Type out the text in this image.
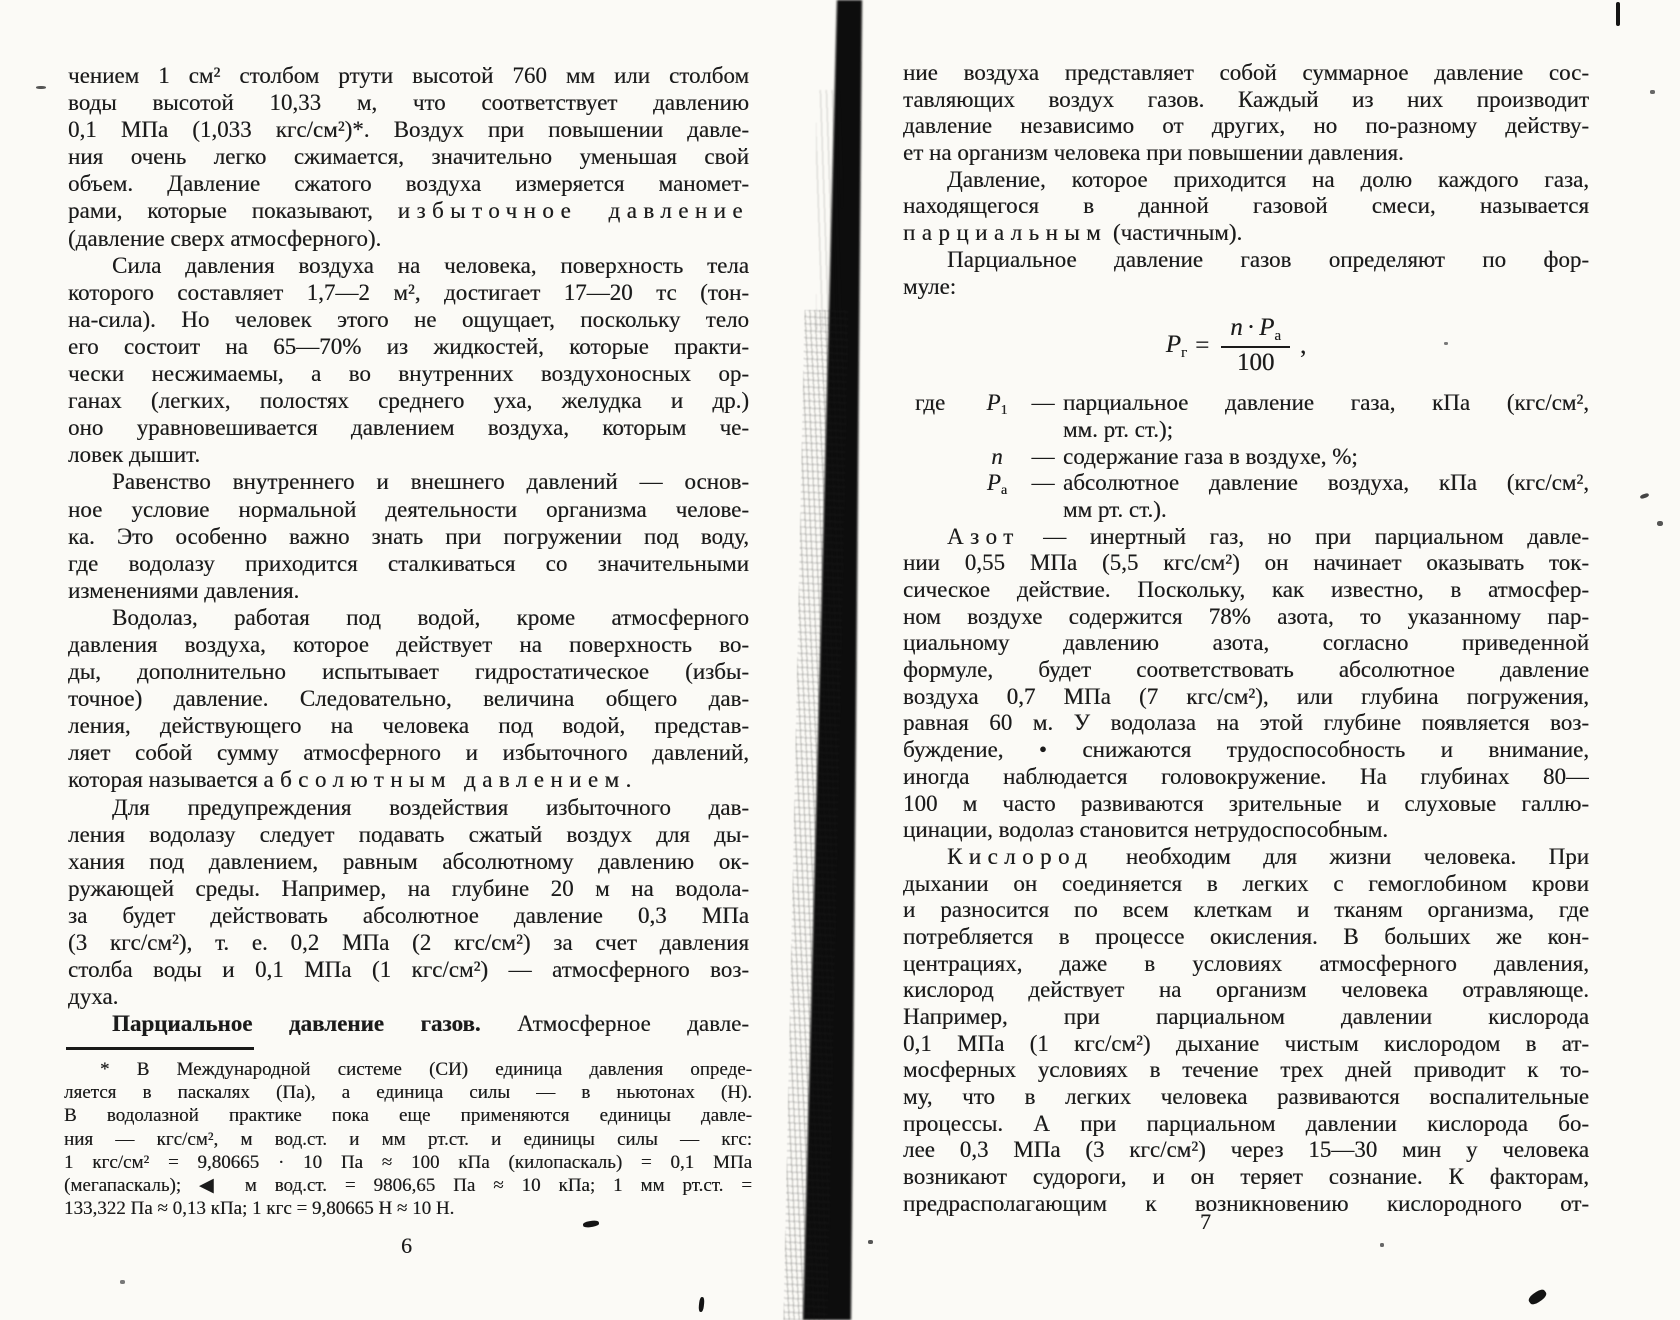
чением 1 см² столбом ртути высотой 760 мм или столбом
воды высотой 10,33 м, что соответствует давлению
0,1 МПа (1,033 кгс/см²)*. Воздух при повышении давле-
ния очень легко сжимается, значительно уменьшая свой
объем. Давление сжатого воздуха измеряется маномет-
рами, которые показывают, избыточное давление
(давление сверх атмосферного).
Сила давления воздуха на человека, поверхность тела
которого составляет 1,7—2 м², достигает 17—20 тс (тон-
на-сила). Но человек этого не ощущает, поскольку тело
его состоит на 65—70% из жидкостей, которые практи-
чески несжимаемы, а во внутренних воздухоносных ор-
ганах (легких, полостях среднего уха, желудка и др.)
оно уравновешивается давлением воздуха, которым че-
ловек дышит.
Равенство внутреннего и внешнего давлений — основ-
ное условие нормальной деятельности организма челове-
ка. Это особенно важно знать при погружении под воду,
где водолазу приходится сталкиваться со значительными
изменениями давления.
Водолаз, работая под водой, кроме атмосферного
давления воздуха, которое действует на поверхность во-
ды, дополнительно испытывает гидростатическое (избы-
точное) давление. Следовательно, величина общего дав-
ления, действующего на человека под водой, представ-
ляет собой сумму атмосферного и избыточного давлений,
которая называется абсолютным давлением.
Для предупреждения воздействия избыточного дав-
ления водолазу следует подавать сжатый воздух для ды-
хания под давлением, равным абсолютному давлению ок-
ружающей среды. Например, на глубине 20 м на водола-
за будет действовать абсолютное давление 0,3 МПа
(3 кгс/см²), т. е. 0,2 МПа (2 кгс/см²) за счет давления
столба воды и 0,1 МПа (1 кгс/см²) — атмосферного воз-
духа.
Парциальное давление газов. Атмосферное давле-
* В Международной системе (СИ) единица давления опреде-
ляется в паскалях (Па), а единица силы — в ньютонах (Н).
В водолазной практике пока еще применяются единицы давле-
ния — кгс/см², м вод.ст. и мм рт.ст. и единицы силы — кгс:
1 кгс/см² = 9,80665 · 10 Па ≈ 100 кПа (килопаскаль) = 0,1 МПа
(мегапаскаль); ◀ м вод.ст. = 9806,65 Па ≈ 10 кПа; 1 мм рт.ст. =
133,322 Па ≈ 0,13 кПа; 1 кгс = 9,80665 Н ≈ 10 Н.
6
ние воздуха представляет собой суммарное давление сос-
тавляющих воздух газов. Каждый из них производит
давление независимо от других, но по-разному действу-
ет на организм человека при повышении давления.
Давление, которое приходится на долю каждого газа,
находящегося в данной газовой смеси, называется
парциальным (частичным).
Парциальное давление газов определяют по фор-
муле:
$P_г = \frac{n \cdot P_а}{100}$ ,
где	$P_1$	— парциальное давление газа, кПа (кгс/см²,
мм. рт. ст.);
n	— содержание газа в воздухе, %;
$P_а$	— абсолютное давление воздуха, кПа (кгс/см²,
мм рт. ст.).
Азот — инертный газ, но при парциальном давле-
нии 0,55 МПа (5,5 кгс/см²) он начинает оказывать ток-
сическое действие. Поскольку, как известно, в атмосфер-
ном воздухе содержится 78% азота, то указанному пар-
циальному давлению азота, согласно приведенной
формуле, будет соответствовать абсолютное давление
воздуха 0,7 МПа (7 кгс/см²), или глубина погружения,
равная 60 м. У водолаза на этой глубине появляется воз-
буждение, • снижаются трудоспособность и внимание,
иногда наблюдается головокружение. На глубинах 80—
100 м часто развиваются зрительные и слуховые галлю-
цинации, водолаз становится нетрудоспособным.
Кислород необходим для жизни человека. При
дыхании он соединяется в легких с гемоглобином крови
и разносится по всем клеткам и тканям организма, где
потребляется в процессе окисления. В больших же кон-
центрациях, даже в условиях атмосферного давления,
кислород действует на организм человека отравляюще.
Например, при парциальном давлении кислорода
0,1 МПа (1 кгс/см²) дыхание чистым кислородом в ат-
мосферных условиях в течение трех дней приводит к то-
му, что в легких человека развиваются воспалительные
процессы. А при парциальном давлении кислорода бо-
лее 0,3 МПа (3 кгс/см²) через 15—30 мин у человека
возникают судороги, и он теряет сознание. К факторам,
предрасполагающим к возникновению кислородного от-
7
